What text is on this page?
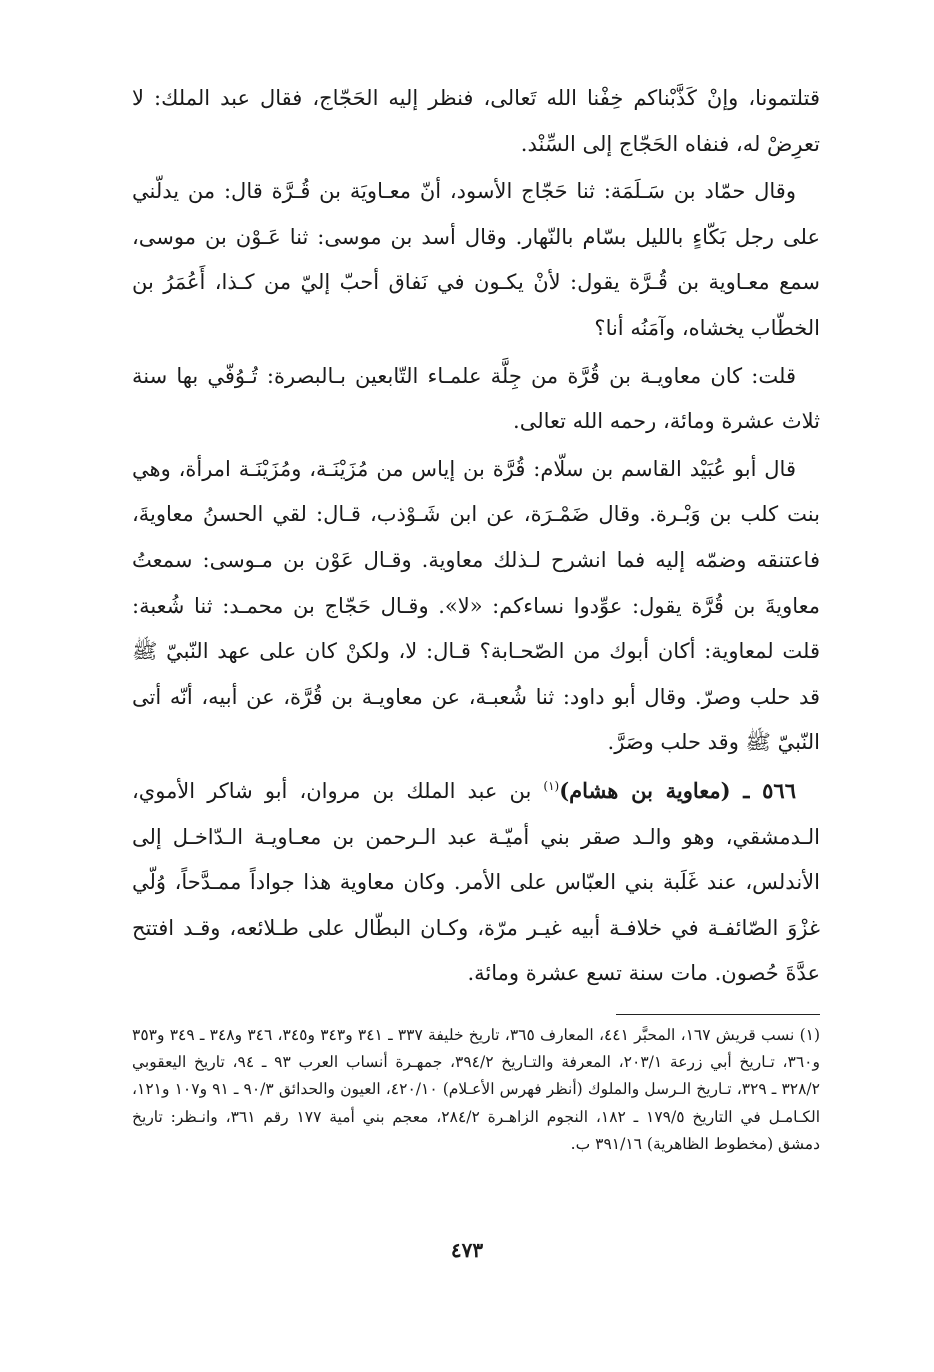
قتلتمونا، وإنْ كَذَّبْناكم خِفْنا الله تَعالى، فنظر إليه الحَجّاج، فقال عبد الملك: لا تعرِضْ له، فنفاه الحَجّاج إلى السِّنْد.

وقال حمّاد بن سَـلَمَة: ثنا حَجّاج الأسود، أنّ معـاويَة بن قُـرَّة قال: من يدلّني على رجل بَكّاءٍ بالليل بسّام بالنّهار. وقال أسد بن موسى: ثنا عَـوْن بن موسى، سمع معـاوية بن قُـرَّة يقول: لأنْ يكـون في نَفاق أحبّ إليّ من كـذا، أَعُمَرُ بن الخطّاب يخشاه، وآمَنُه أنا؟

قلت: كان معاويـة بن قُرَّة من جِلَّة علمـاء التّابعين بـالبصرة: تُـوُفّي بها سنة ثلاث عشرة ومائة، رحمه الله تعالى.

قال أبو عُبَيْد القاسم بن سلّام: قُرَّة بن إياس من مُزَيْنَـة، ومُزَيْنَـة امرأة، وهي بنت كلب بن وَبْـرة. وقال ضَمْـرَة، عن ابن شَـوْذب، قـال: لقي الحسنُ معاويةَ، فاعتنقه وضمّه إليه فما انشرح لـذلك معاوية. وقـال عَوْن بن مـوسى: سمعتُ معاويةَ بن قُرَّة يقول: عوِّدوا نساءكم: «لا». وقـال حَجّاج بن محمـد: ثنا شُعبة: قلت لمعاوية: أكان أبوك من الصّحـابة؟ قـال: لا، ولكنْ كان على عهد النّبيّ ﷺ قد حلب وصرّ. وقال أبو داود: ثنا شُعبـة، عن معاويـة بن قُرَّة، عن أبيه، أنّه أتى النّبيّ ﷺ وقد حلب وصَرَّ.

٥٦٦ ـ (معاوية بن هشام)$^{(١)}$ بن عبد الملك بن مروان، أبو شاكر الأموي، الـدمشقي، وهو والـد صقر بني أميّـة عبد الـرحمن بن معـاويـة الـدّاخـل إلى الأندلس، عند غَلَبة بني العبّاس على الأمر. وكان معاوية هذا جواداً ممـدَّحاً، وُلّي غزْوَ الصّائفـة في خلافـة أبيه غيـر مرّة، وكـان البطّال على طـلائعه، وقـد افتتح عدَّةَ حُصون. مات سنة تسع عشرة ومائة.

(١) نسب قريش ١٦٧، المحبَّر ٤٤١، المعارف ٣٦٥، تاريخ خليفة ٣٣٧ ـ ٣٤١ و٣٤٣ و٣٤٥، ٣٤٦ و٣٤٨ ـ ٣٤٩ و٣٥٣ و٣٦٠، تـاريخ أبي زرعة ٢٠٣/١، المعرفة والتـاريخ ٣٩٤/٢، جمهـرة أنساب العرب ٩٣ ـ ٩٤، تاريخ اليعقوبي ٣٢٨/٢ ـ ٣٢٩، تـاريخ الـرسل والملوك (أنظر فهرس الأعـلام) ٤٢٠/١٠، العيون والحدائق ٩٠/٣ ـ ٩١ و١٠٧ و١٢١، الكـامـل في التاريخ ١٧٩/٥ ـ ١٨٢، النجوم الزاهـرة ٢٨٤/٢، معجم بني أمية ١٧٧ رقم ٣٦١، وانـظر: تاريخ دمشق (مخطوط الظاهرية) ٣٩١/١٦ ب.

٤٧٣
